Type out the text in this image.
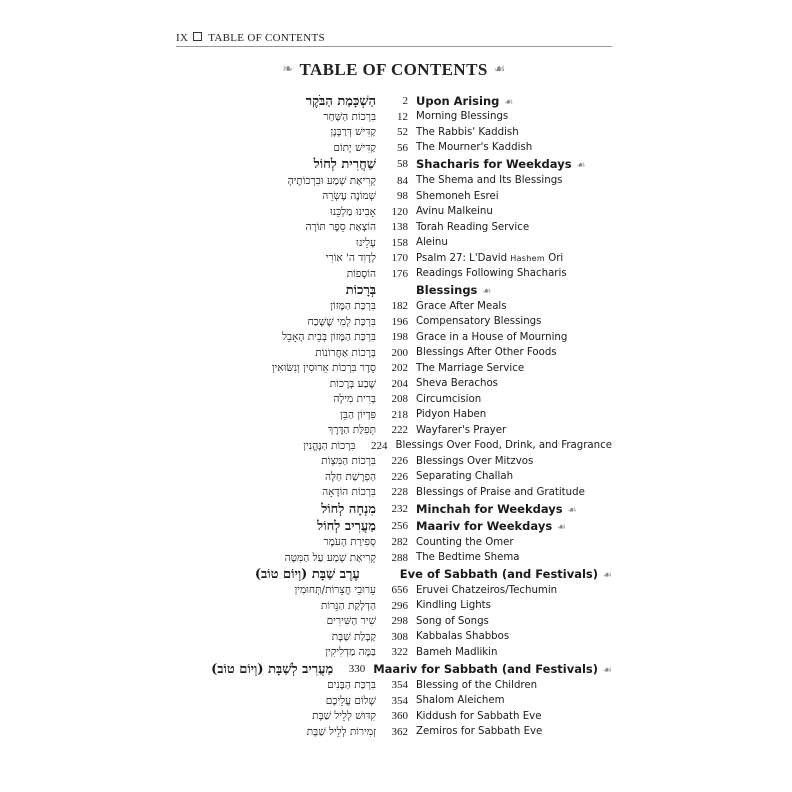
IX TABLE OF CONTENTS
❧ TABLE OF CONTENTS ☙
הַשְׁכָּמַת הַבֹּקֶר	2 Upon Arising ☙
בִּרְכוֹת הַשַּׁחַר	12 Morning Blessings
קַדִּישׁ דְּרַבָּנָן	52 The Rabbis' Kaddish
קַדִּישׁ יָתוֹם	56 The Mourner's Kaddish
שַׁחֲרִית לְחוֹל	58 Shacharis for Weekdays ☙
קְרִיאַת שְׁמַע וּבִרְכוֹתֶיהָ	84 The Shema and Its Blessings
שְׁמוֹנֶה עֶשְׂרֵה	98 Shemoneh Esrei
אָבִינוּ מַלְכֵּנוּ	120 Avinu Malkeinu
הוֹצָאַת סֵפֶר תּוֹרָה	138 Torah Reading Service
עָלֵינוּ	158 Aleinu
לְדָוִד ה' אוֹרִי	170 Psalm 27: L'David Hashem Ori
הוֹסָפוֹת	176 Readings Following Shacharis
בְּרָכוֹת	Blessings ☙
בִּרְכַּת הַמָּזוֹן	182 Grace After Meals
בִּרְכַּת לְמִי שֶׁשָּׁכַח	196 Compensatory Blessings
בִּרְכַּת הַמָּזוֹן בְּבֵית הָאָבֵל	198 Grace in a House of Mourning
בְּרָכוֹת אַחֲרוֹנוֹת	200 Blessings After Other Foods
סֵדֶר בִּרְכוֹת אֵרוּסִין וְנִשּׂוּאִין	202 The Marriage Service
שֶׁבַע בְּרָכוֹת	204 Sheva Berachos
בְּרִית מִילָה	208 Circumcision
פִּדְיוֹן הַבֵּן	218 Pidyon Haben
תְּפִלַּת הַדֶּרֶךְ	222 Wayfarer's Prayer
בִּרְכוֹת הַנֶּהֱנִין	224 Blessings Over Food, Drink, and Fragrance
בִּרְכוֹת הַמִּצְוֹת	226 Blessings Over Mitzvos
הַפְרָשַׁת חַלָּה	226 Separating Challah
בִּרְכוֹת הוֹדָאָה	228 Blessings of Praise and Gratitude
מִנְחָה לְחוֹל	232 Minchah for Weekdays ☙
מַעֲרִיב לְחוֹל	256 Maariv for Weekdays ☙
סְפִירַת הָעֹמֶר	282 Counting the Omer
קְרִיאַת שְׁמַע עַל הַמִּטָּה	288 The Bedtime Shema
עֶרֶב שַׁבָּת (וְיוֹם טוֹב)	Eve of Sabbath (and Festivals) ☙
עֵרוּבֵי חֲצֵרוֹת/תְּחוּמִין	656 Eruvei Chatzeiros/Techumin
הַדְלָקַת הַנֵּרוֹת	296 Kindling Lights
שִׁיר הַשִּׁירִים	298 Song of Songs
קַבָּלַת שַׁבָּת	308 Kabbalas Shabbos
בַּמֶּה מַדְלִיקִין	322 Bameh Madlikin
מַעֲרִיב לְשַׁבָּת (וְיוֹם טוֹב)	330 Maariv for Sabbath (and Festivals) ☙
בִּרְכַּת הַבָּנִים	354 Blessing of the Children
שָׁלוֹם עֲלֵיכֶם	354 Shalom Aleichem
קִדּוּשׁ לְלֵיל שַׁבָּת	360 Kiddush for Sabbath Eve
זְמִירוֹת לְלֵיל שַׁבָּת	362 Zemiros for Sabbath Eve
